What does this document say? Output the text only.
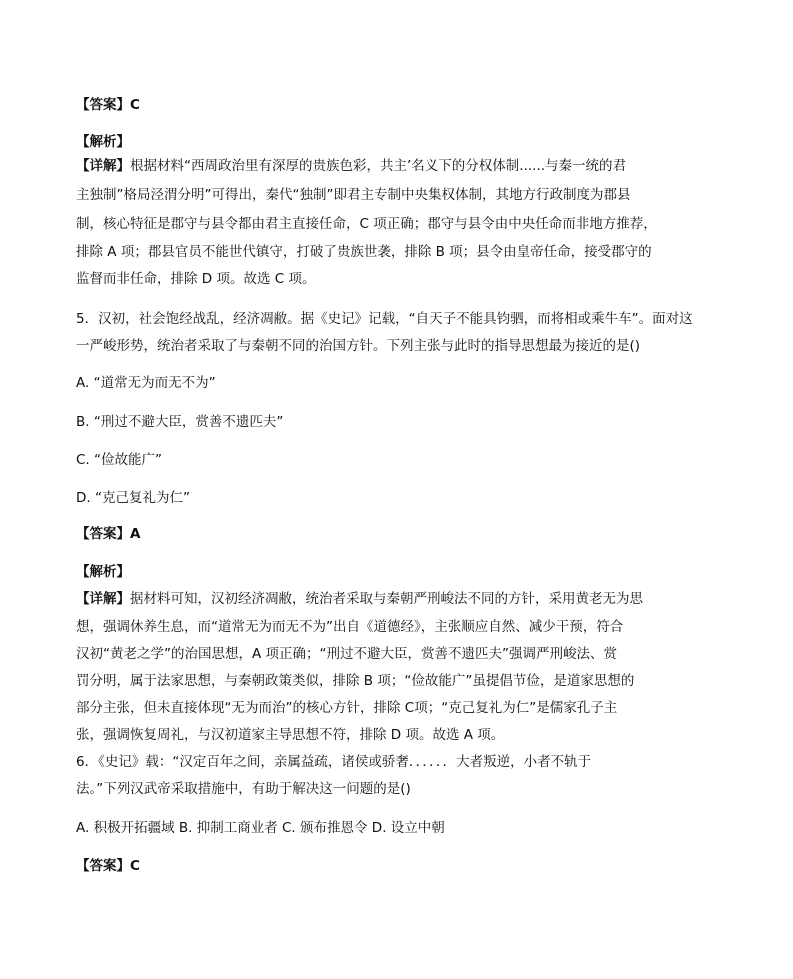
【答案】C
【解析】
【详解】根据材料“西周政治里有深厚的贵族色彩，共主’名义下的分权体制......与秦一统的君
主独制”格局泾渭分明”可得出，秦代“独制”即君主专制中央集权体制，其地方行政制度为郡县
制，核心特征是郡守与县令都由君主直接任命，C 项正确；郡守与县令由中央任命而非地方推荐，
排除 A 项；郡县官员不能世代镇守，打破了贵族世袭，排除 B 项；县令由皇帝任命，接受郡守的
监督而非任命，排除 D 项。故选 C 项。
5．汉初，社会饱经战乱，经济凋敝。据《史记》记载，“自天子不能具钧驷，而将相或乘牛车”。面对这
一严峻形势，统治者采取了与秦朝不同的治国方针。下列主张与此时的指导思想最为接近的是()
A. “道常无为而无不为”
B. “刑过不避大臣，赏善不遗匹夫”
C. “俭故能广”
D. “克己复礼为仁”
【答案】A
【解析】
【详解】据材料可知，汉初经济凋敝，统治者采取与秦朝严刑峻法不同的方针，采用黄老无为思
想，强调休养生息，而“道常无为而无不为”出自《道德经》，主张顺应自然、减少干预，符合
汉初“黄老之学”的治国思想，A 项正确；“刑过不避大臣，赏善不遗匹夫”强调严刑峻法、赏
罚分明，属于法家思想，与秦朝政策类似，排除 B 项；“俭故能广”虽提倡节俭，是道家思想的
部分主张，但未直接体现“无为而治”的核心方针，排除 C项；“克己复礼为仁”是儒家孔子主
张，强调恢复周礼，与汉初道家主导思想不符，排除 D 项。故选 A 项。
6．《史记》载：“汉定百年之间，亲属益疏，诸侯或骄奢．．．．．．大者叛逆，小者不轨于
法。”下列汉武帝采取措施中，有助于解决这一问题的是()
A. 积极开拓疆域 B. 抑制工商业者 C. 颁布推恩令 D. 设立中朝
【答案】C
